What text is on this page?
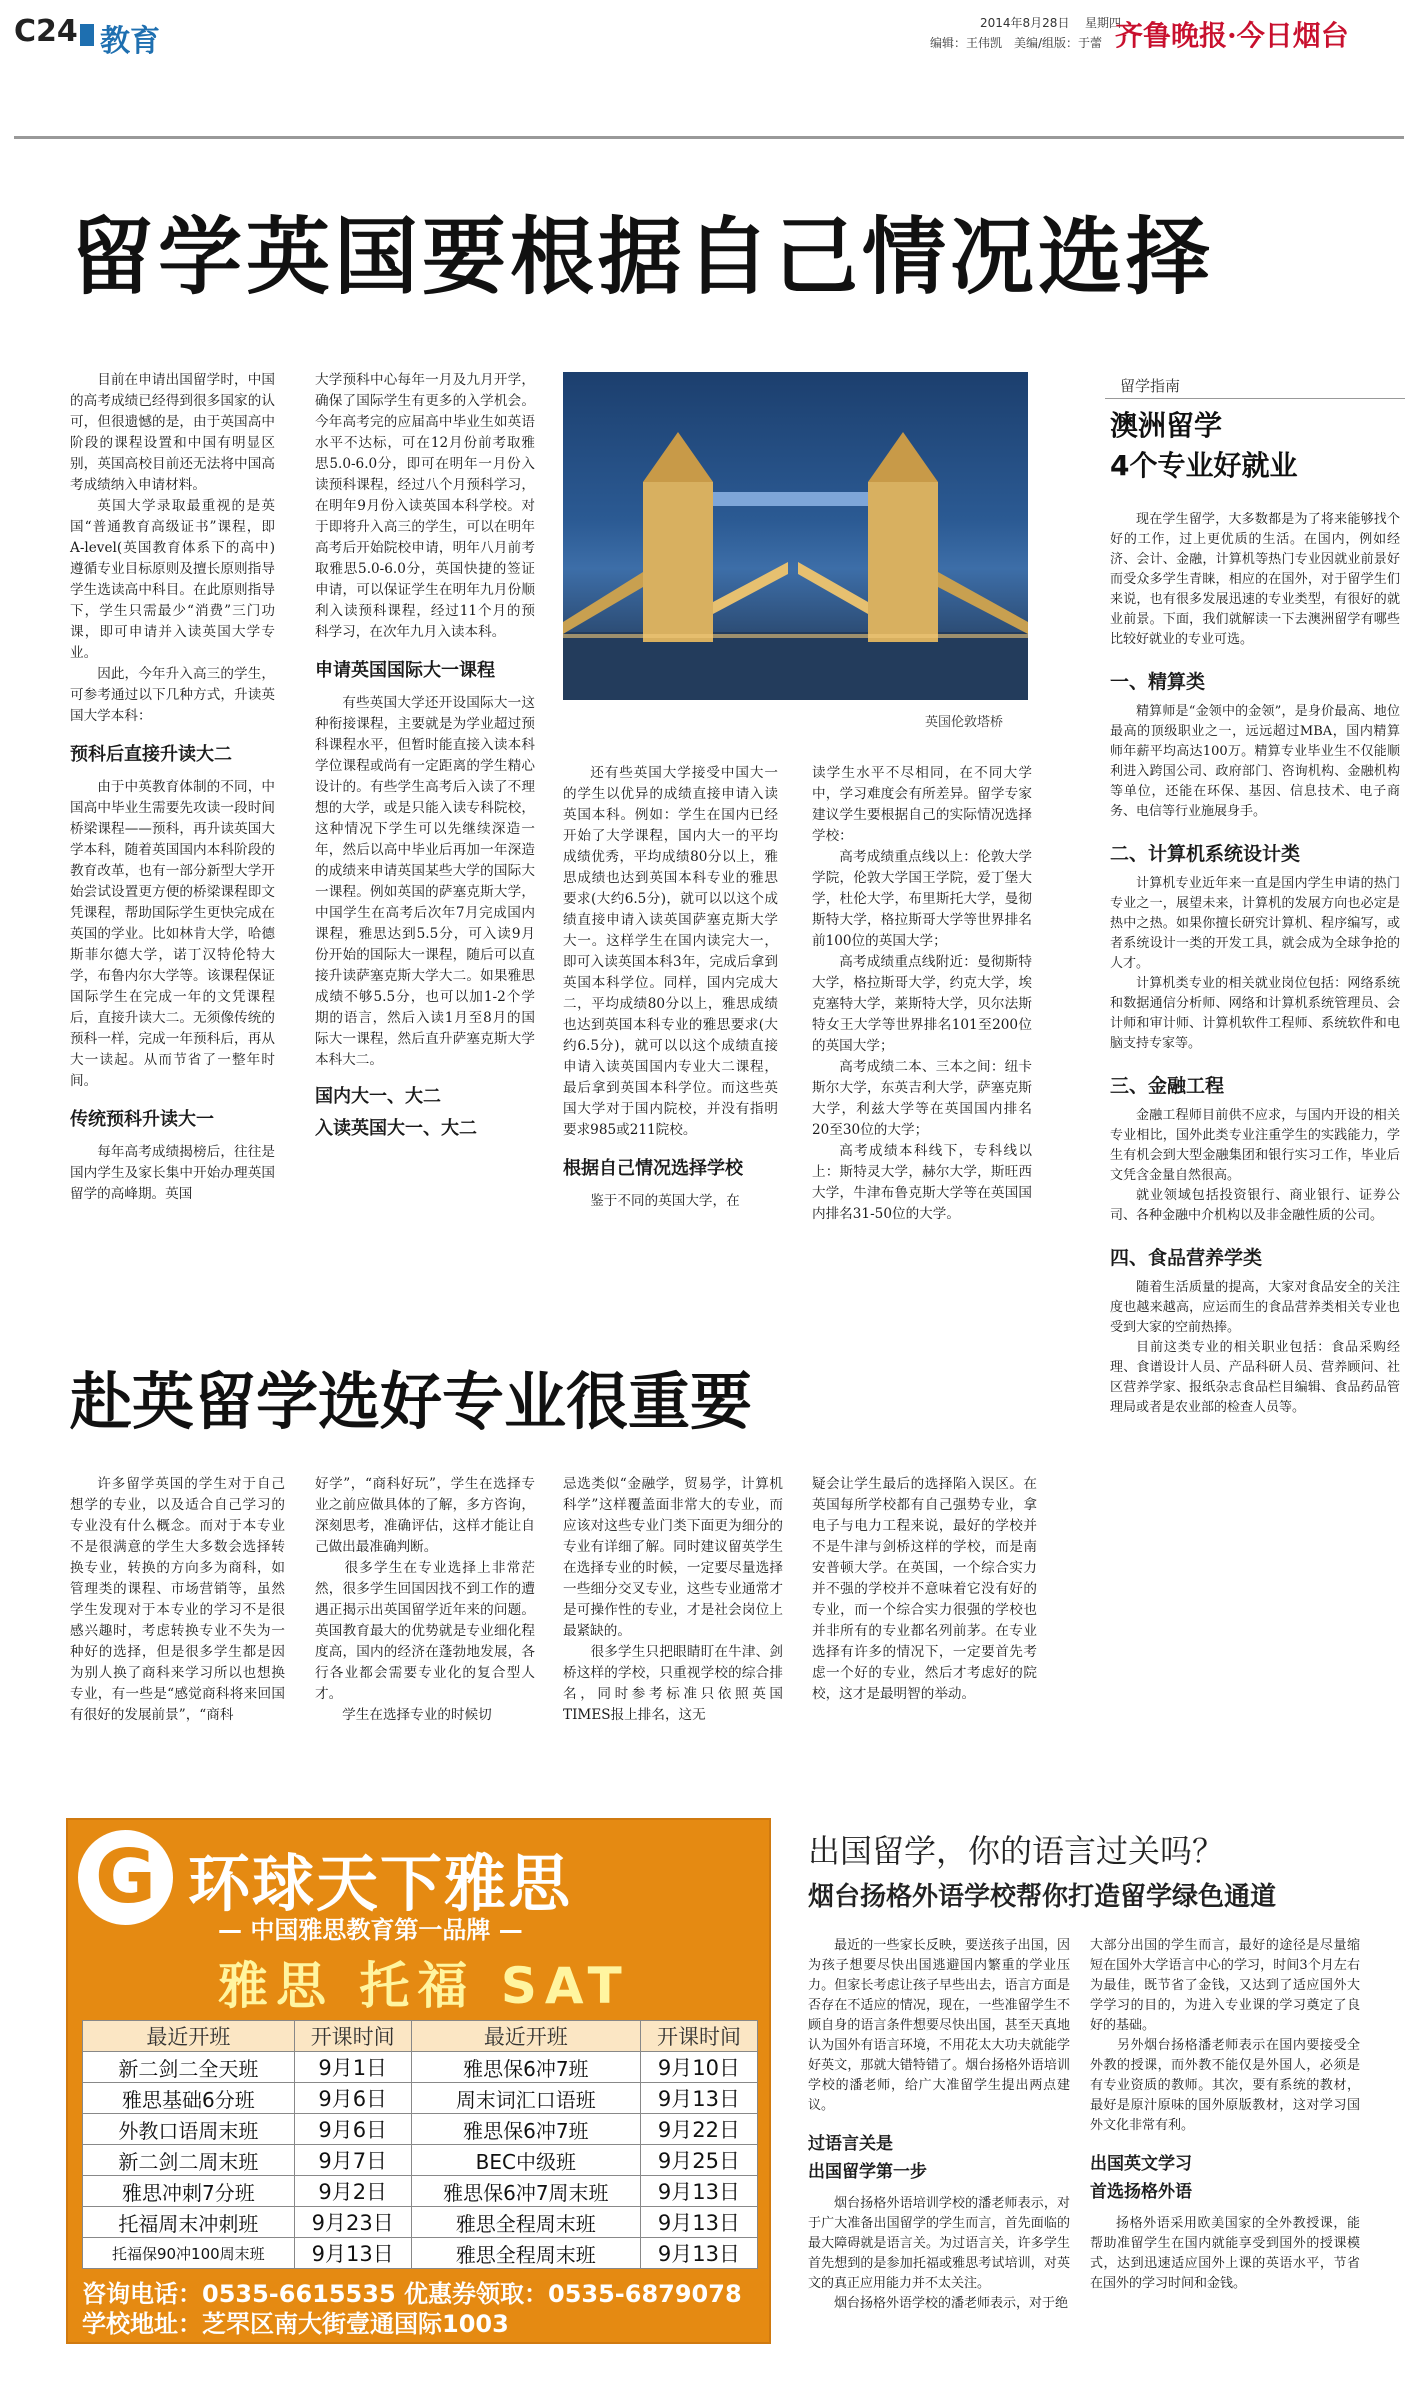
C24 教育
2014年8月28日 星期四
编辑：王伟凯　美编/组版：于蕾 齐鲁晚报·今日烟台
留学英国要根据自己情况选择

目前在申请出国留学时，中国的高考成绩已经得到很多国家的认可，但很遗憾的是，由于英国高中阶段的课程设置和中国有明显区别，英国高校目前还无法将中国高考成绩纳入申请材料。

英国大学录取最重视的是英国“普通教育高级证书”课程，即A-level(英国教育体系下的高中)遵循专业目标原则及擅长原则指导学生选读高中科目。在此原则指导下，学生只需最少“消费”三门功课，即可申请并入读英国大学专业。

因此，今年升入高三的学生，可参考通过以下几种方式，升读英国大学本科：

预科后直接升读大二

由于中英教育体制的不同，中国高中毕业生需要先攻读一段时间桥梁课程——预科，再升读英国大学本科，随着英国国内本科阶段的教育改革，也有一部分新型大学开始尝试设置更方便的桥梁课程即文凭课程，帮助国际学生更快完成在英国的学业。比如林肯大学，哈德斯菲尔德大学，诺丁汉特伦特大学，布鲁内尔大学等。该课程保证国际学生在完成一年的文凭课程后，直接升读大二。无须像传统的预科一样，完成一年预科后，再从大一读起。从而节省了一整年时间。

传统预科升读大一

每年高考成绩揭榜后，往往是国内学生及家长集中开始办理英国留学的高峰期。英国

大学预科中心每年一月及九月开学，确保了国际学生有更多的入学机会。今年高考完的应届高中毕业生如英语水平不达标，可在12月份前考取雅思5.0-6.0分，即可在明年一月份入读预科课程，经过八个月预科学习，在明年9月份入读英国本科学校。对于即将升入高三的学生，可以在明年高考后开始院校申请，明年八月前考取雅思5.0-6.0分，英国快捷的签证申请，可以保证学生在明年九月份顺利入读预科课程，经过11个月的预科学习，在次年九月入读本科。

申请英国国际大一课程

有些英国大学还开设国际大一这种衔接课程，主要就是为学业超过预科课程水平，但暂时能直接入读本科学位课程或尚有一定距离的学生精心设计的。有些学生高考后入读了不理想的大学，或是只能入读专科院校，这种情况下学生可以先继续深造一年，然后以高中毕业后再加一年深造的成绩来申请英国某些大学的国际大一课程。例如英国的萨塞克斯大学，中国学生在高考后次年7月完成国内课程，雅思达到5.5分，可入读9月份开始的国际大一课程，随后可以直接升读萨塞克斯大学大二。如果雅思成绩不够5.5分，也可以加1-2个学期的语言，然后入读1月至8月的国际大一课程，然后直升萨塞克斯大学本科大二。

国内大一、大二
入读英国大一、大二
英国伦敦塔桥

还有些英国大学接受中国大一的学生以优异的成绩直接申请入读英国本科。例如：学生在国内已经开始了大学课程，国内大一的平均成绩优秀，平均成绩80分以上，雅思成绩也达到英国本科专业的雅思要求(大约6.5分)，就可以以这个成绩直接申请入读英国萨塞克斯大学大一。这样学生在国内读完大一，即可入读英国本科3年，完成后拿到英国本科学位。同样，国内完成大二，平均成绩80分以上，雅思成绩也达到英国本科专业的雅思要求(大约6.5分)，就可以以这个成绩直接申请入读英国国内专业大二课程，最后拿到英国本科学位。而这些英国大学对于国内院校，并没有指明要求985或211院校。

根据自己情况选择学校

鉴于不同的英国大学，在

读学生水平不尽相同，在不同大学中，学习难度会有所差异。留学专家建议学生要根据自己的实际情况选择学校：

高考成绩重点线以上：伦敦大学学院，伦敦大学国王学院，爱丁堡大学，杜伦大学，布里斯托大学，曼彻斯特大学，格拉斯哥大学等世界排名前100位的英国大学；

高考成绩重点线附近：曼彻斯特大学，格拉斯哥大学，约克大学，埃克塞特大学，莱斯特大学，贝尔法斯特女王大学等世界排名101至200位的英国大学；

高考成绩二本、三本之间：纽卡斯尔大学，东英吉利大学，萨塞克斯大学，利兹大学等在英国国内排名20至30位的大学；

高考成绩本科线下，专科线以上：斯特灵大学，赫尔大学，斯旺西大学，牛津布鲁克斯大学等在英国国内排名31-50位的大学。

留学指南
澳洲留学
4个专业好就业

现在学生留学，大多数都是为了将来能够找个好的工作，过上更优质的生活。在国内，例如经济、会计、金融，计算机等热门专业因就业前景好而受众多学生青睐，相应的在国外，对于留学生们来说，也有很多发展迅速的专业类型，有很好的就业前景。下面，我们就解读一下去澳洲留学有哪些比较好就业的专业可选。

一、精算类

精算师是“金领中的金领”，是身价最高、地位最高的顶级职业之一，远远超过MBA，国内精算师年薪平均高达100万。精算专业毕业生不仅能顺利进入跨国公司、政府部门、咨询机构、金融机构等单位，还能在环保、基因、信息技术、电子商务、电信等行业施展身手。

二、计算机系统设计类

计算机专业近年来一直是国内学生申请的热门专业之一，展望未来，计算机的发展方向也必定是热中之热。如果你擅长研究计算机、程序编写，或者系统设计一类的开发工具，就会成为全球争抢的人才。

计算机类专业的相关就业岗位包括：网络系统和数据通信分析师、网络和计算机系统管理员、会计师和审计师、计算机软件工程师、系统软件和电脑支持专家等。

三、金融工程

金融工程师目前供不应求，与国内开设的相关专业相比，国外此类专业注重学生的实践能力，学生有机会到大型金融集团和银行实习工作，毕业后文凭含金量自然很高。

就业领域包括投资银行、商业银行、证券公司、各种金融中介机构以及非金融性质的公司。

四、食品营养学类

随着生活质量的提高，大家对食品安全的关注度也越来越高，应运而生的食品营养类相关专业也受到大家的空前热捧。

目前这类专业的相关职业包括：食品采购经理、食谱设计人员、产品科研人员、营养顾问、社区营养学家、报纸杂志食品栏目编辑、食品药品管理局或者是农业部的检查人员等。

赴英留学选好专业很重要
许多留学英国的学生对于自己想学的专业，以及适合自己学习的专业没有什么概念。而对于本专业不是很满意的学生大多数会选择转换专业，转换的方向多为商科，如管理类的课程、市场营销等，虽然学生发现对于本专业的学习不是很感兴趣时，考虑转换专业不失为一种好的选择，但是很多学生都是因为别人换了商科来学习所以也想换专业，有一些是“感觉商科将来回国有很好的发展前景”，“商科
好学”，“商科好玩”，学生在选择专业之前应做具体的了解，多方咨询，深刻思考，准确评估，这样才能让自己做出最准确判断。
　　很多学生在专业选择上非常茫然，很多学生回国因找不到工作的遭遇正揭示出英国留学近年来的问题。英国教育最大的优势就是专业细化程度高，国内的经济在蓬勃地发展，各行各业都会需要专业化的复合型人才。
　　学生在选择专业的时候切
忌选类似“金融学，贸易学，计算机科学”这样覆盖面非常大的专业，而应该对这些专业门类下面更为细分的专业有详细了解。同时建议留英学生在选择专业的时候，一定要尽量选择一些细分交叉专业，这些专业通常才是可操作性的专业，才是社会岗位上最紧缺的。
　　很多学生只把眼睛盯在牛津、剑桥这样的学校，只重视学校的综合排名，同时参考标准只依照英国TIMES报上排名，这无
疑会让学生最后的选择陷入误区。在英国每所学校都有自己强势专业，拿电子与电力工程来说，最好的学校并不是牛津与剑桥这样的学校，而是南安普顿大学。在英国，一个综合实力并不强的学校并不意味着它没有好的专业，而一个综合实力很强的学校也并非所有的专业都名列前茅。在专业选择有许多的情况下，一定要首先考虑一个好的专业，然后才考虑好的院校，这才是最明智的举动。
G 环球天下雅思
— 中国雅思教育第一品牌 —
雅思 托福 SAT
最近开班	开课时间	最近开班	开课时间
新二剑二全天班	9月1日	雅思保6冲7班	9月10日
雅思基础6分班	9月6日	周末词汇口语班	9月13日
外教口语周末班	9月6日	雅思保6冲7班	9月22日
新二剑二周末班	9月7日	BEC中级班	9月25日
雅思冲刺7分班	9月2日	雅思保6冲7周末班	9月13日
托福周末冲刺班	9月23日	雅思全程周末班	9月13日
托福保90冲100周末班	9月13日	雅思全程周末班	9月13日
咨询电话：0535-6615535 优惠券领取：0535-6879078
学校地址：芝罘区南大街壹通国际1003
出国留学，你的语言过关吗？
烟台扬格外语学校帮你打造留学绿色通道

最近的一些家长反映，要送孩子出国，因为孩子想要尽快出国逃避国内繁重的学业压力。但家长考虑让孩子早些出去，语言方面是否存在不适应的情况，现在，一些准留学生不顾自身的语言条件想要尽快出国，甚至天真地认为国外有语言环境，不用花太大功夫就能学好英文，那就大错特错了。烟台扬格外语培训学校的潘老师，给广大准留学生提出两点建议。

过语言关是
出国留学第一步

烟台扬格外语培训学校的潘老师表示，对于广大准备出国留学的学生而言，首先面临的最大障碍就是语言关。为过语言关，许多学生首先想到的是参加托福或雅思考试培训，对英文的真正应用能力并不太关注。

烟台扬格外语学校的潘老师表示，对于绝

大部分出国的学生而言，最好的途径是尽量缩短在国外大学语言中心的学习，时间3个月左右为最佳，既节省了金钱，又达到了适应国外大学学习的目的，为进入专业课的学习奠定了良好的基础。
　　另外烟台扬格潘老师表示在国内要接受全外教的授课，而外教不能仅是外国人，必须是有专业资质的教师。其次，要有系统的教材，最好是原汁原味的国外原版教材，这对学习国外文化非常有利。

出国英文学习
首选扬格外语

扬格外语采用欧美国家的全外教授课，能帮助准留学生在国内就能享受到国外的授课模式，达到迅速适应国外上课的英语水平，节省在国外的学习时间和金钱。
